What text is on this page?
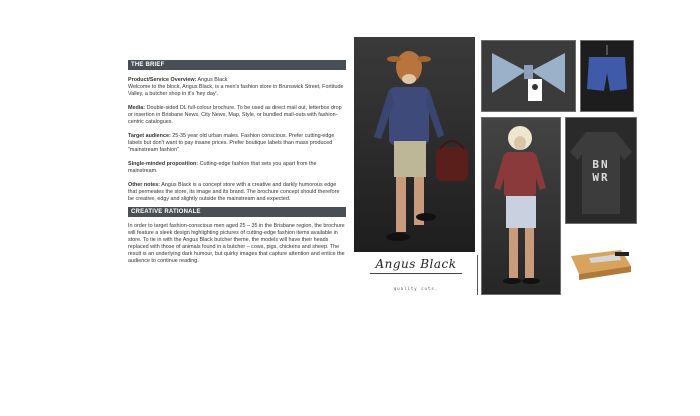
THE BRIEF
Product/Service Overview: Angus Black
Welcome to the block, Angus Black, is a men's fashion store in Brunswick Street, Fortitude Valley, a butcher shop in it's 'hey day'.
Media: Double-sided DL full-colour brochure. To be used as direct mail out, letterbox drop or insertion in Brisbane News, City News, Map, Style, or bundled mail-outs with fashion-centric catalogues.
Target audience: 25-35 year old urban males. Fashion conscious. Prefer cutting-edge labels but don't want to pay insane prices. Prefer boutique labels than mass produced "mainstream fashion"
Single-minded proposition: Cutting-edge fashion that sets you apart from the mainstream.
Other notes: Angus Black is a concept store with a creative and darkly humorous edge that permeates the store, its image and its brand. The brochure concept should therefore be creative, edgy and slightly outside the mainstream and expected.
CREATIVE RATIONALE
In order to target fashion-conscious men aged 25 – 35 in the Brisbane region, the brochure will feature a sleek design highlighting pictures of cutting-edge fashion items available in store. To tie in with the Angus Black butcher theme, the models will have their heads replaced with those of animals found in a butcher – cows, pigs, chickens and sheep. The result is an underlying dark humour, but quirky images that capture attention and entice the audience to continue reading.
BN WR
Angus Black
quality cuts.
